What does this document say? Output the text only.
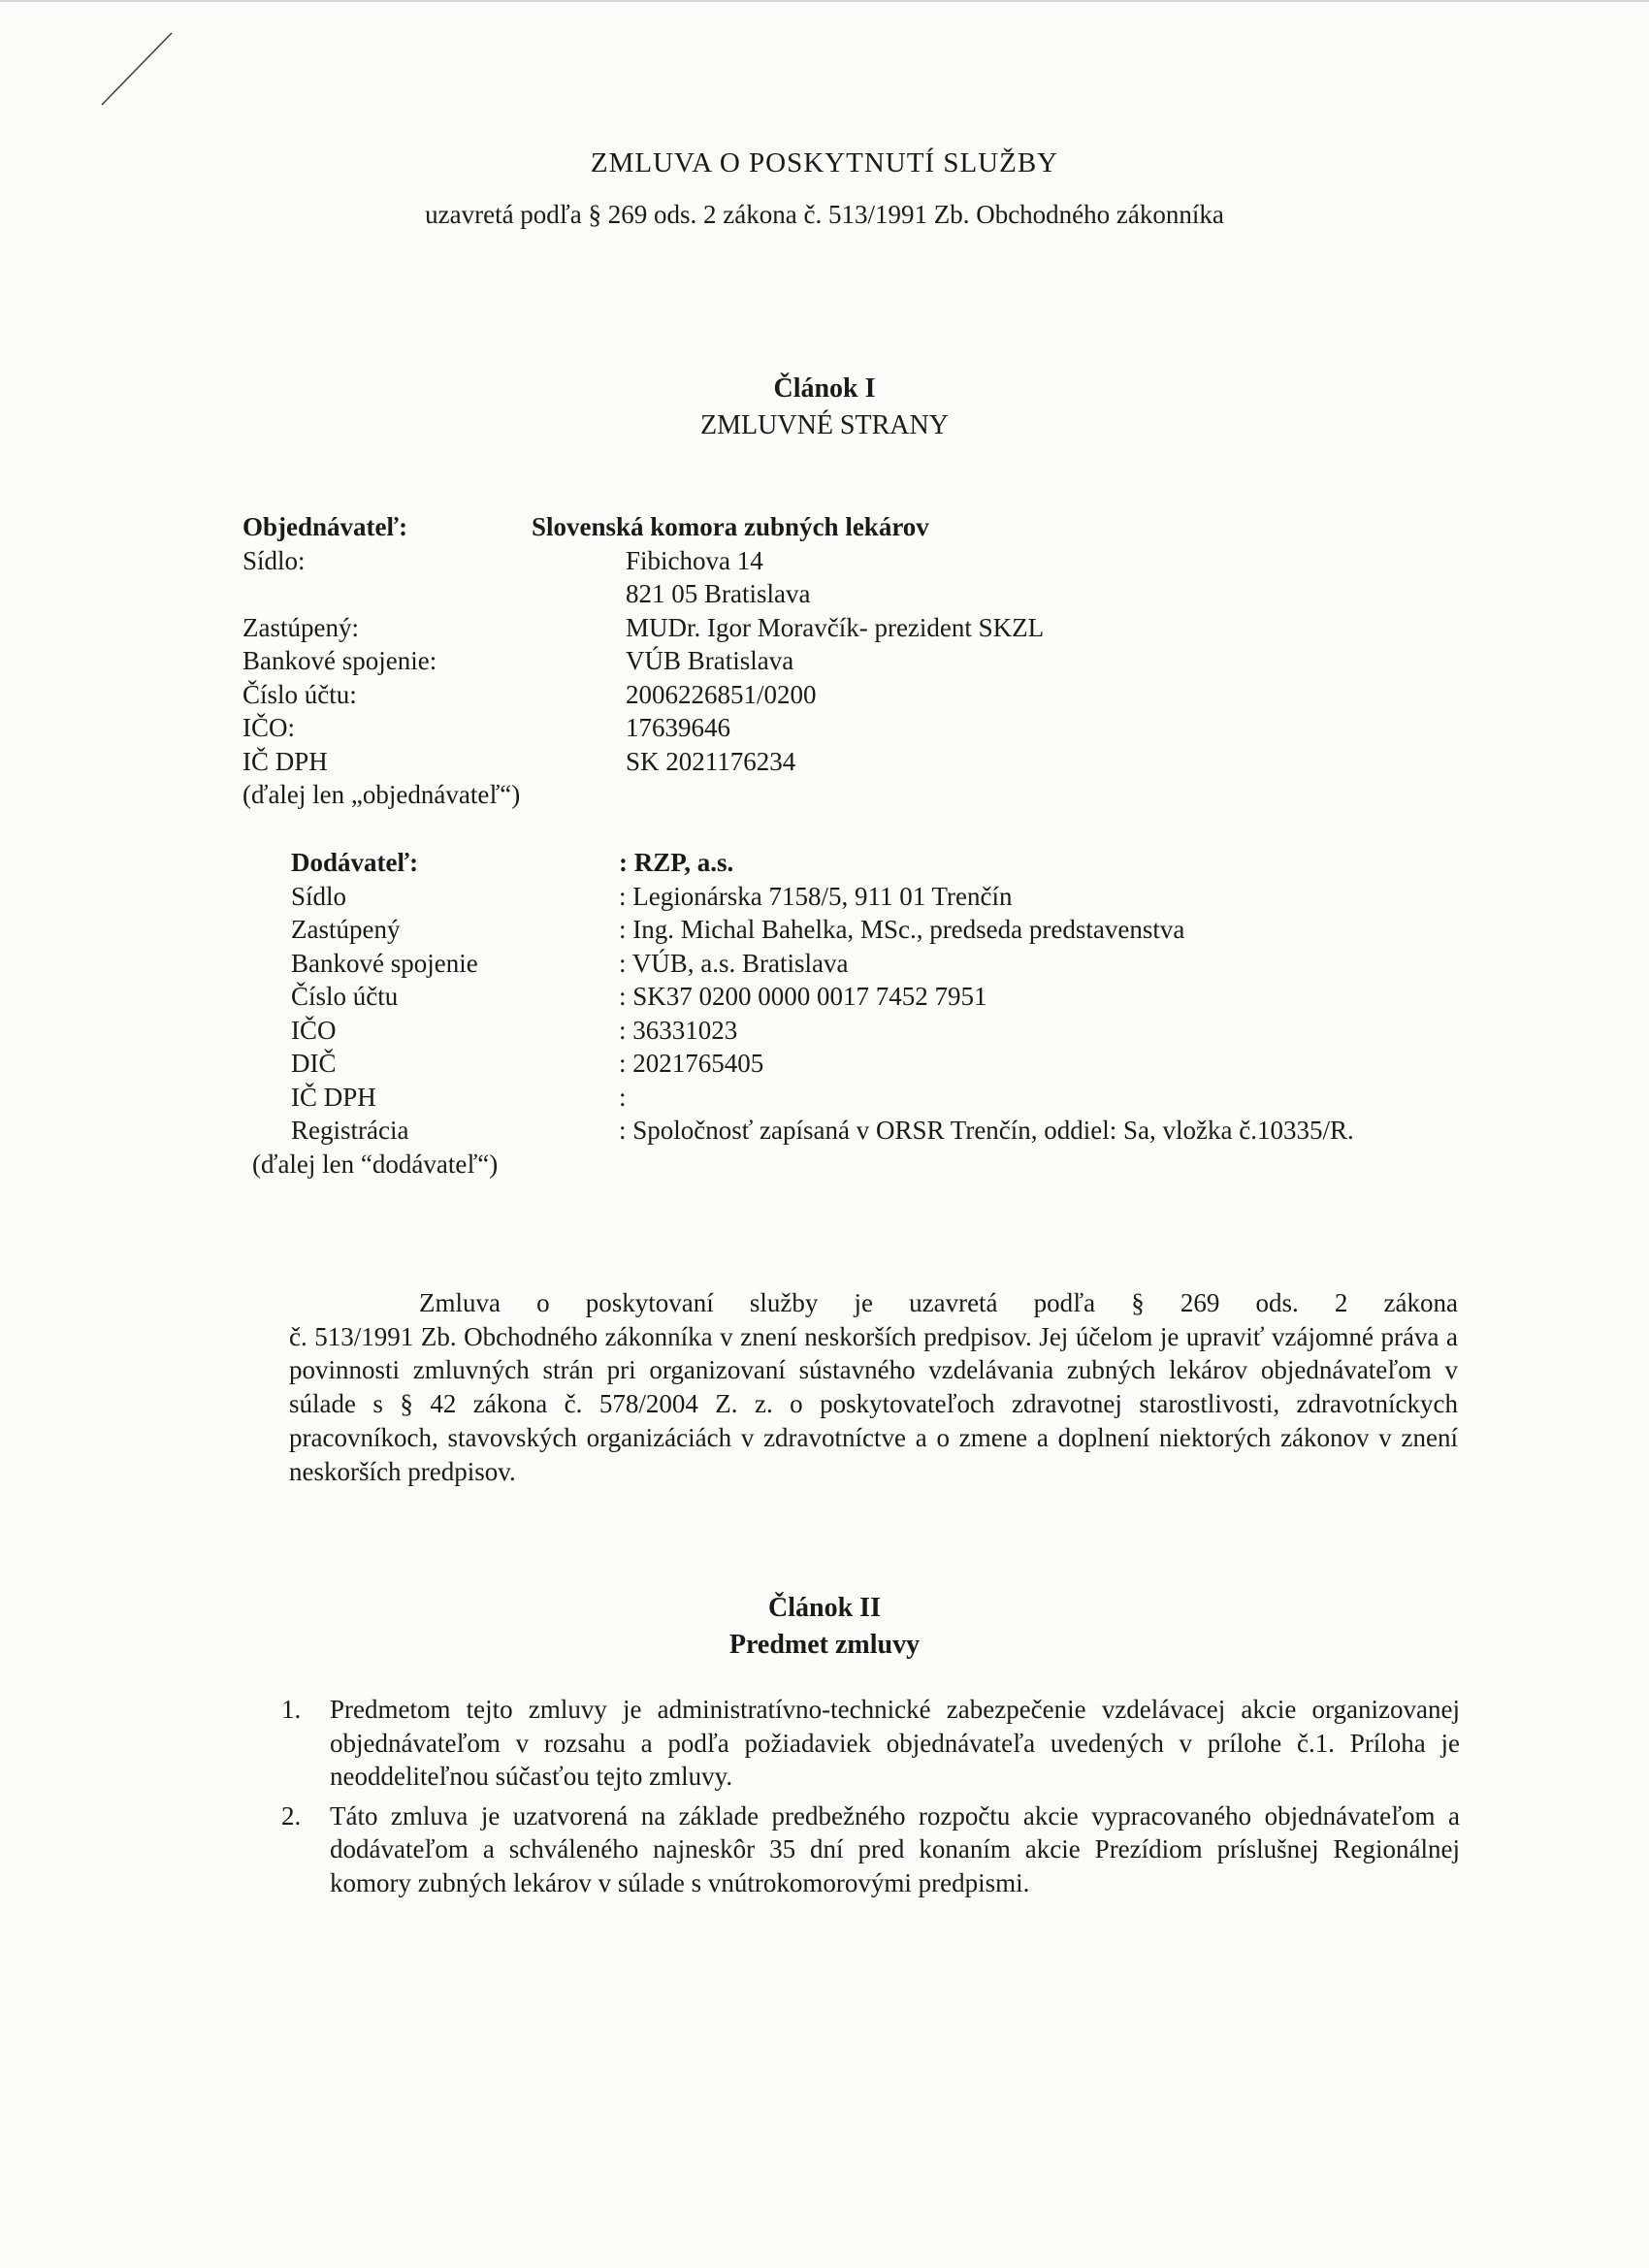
ZMLUVA O POSKYTNUTÍ SLUŽBY
uzavretá podľa § 269 ods. 2 zákona č. 513/1991 Zb. Obchodného zákonníka
Článok I
ZMLUVNÉ STRANY
Objednávateľ:	Slovenská komora zubných lekárov
Sídlo:	Fibichova 14
821 05 Bratislava
Zastúpený:	MUDr. Igor Moravčík- prezident SKZL
Bankové spojenie:	VÚB Bratislava
Číslo účtu:	2006226851/0200
IČO:	17639646
IČ DPH	SK 2021176234
(ďalej len „objednávateľ“)
Dodávateľ:	: RZP, a.s.
Sídlo	: Legionárska 7158/5, 911 01 Trenčín
Zastúpený	: Ing. Michal Bahelka, MSc., predseda predstavenstva
Bankové spojenie	: VÚB, a.s. Bratislava
Číslo účtu	: SK37 0200 0000 0017 7452 7951
IČO	: 36331023
DIČ	: 2021765405
IČ DPH	:
Registrácia	: Spoločnosť zapísaná v ORSR Trenčín, oddiel: Sa, vložka č.10335/R.
(ďalej len “dodávateľ“)
Zmluva o poskytovaní služby je uzavretá podľa § 269 ods. 2 zákona
č. 513/1991 Zb. Obchodného zákonníka v znení neskorších predpisov. Jej účelom je upraviť vzájomné práva a povinnosti zmluvných strán pri organizovaní sústavného vzdelávania zubných lekárov objednávateľom v súlade s § 42 zákona č. 578/2004 Z. z. o poskytovateľoch zdravotnej starostlivosti, zdravotníckych pracovníkoch, stavovských organizáciách v zdravotníctve a o zmene a doplnení niektorých zákonov v znení neskorších predpisov.
Článok II
Predmet zmluvy
1.	Predmetom tejto zmluvy je administratívno-technické zabezpečenie vzdelávacej akcie organizovanej objednávateľom v rozsahu a podľa požiadaviek objednávateľa uvedených v prílohe č.1. Príloha je neoddeliteľnou súčasťou tejto zmluvy.
2.	Táto zmluva je uzatvorená na základe predbežného rozpočtu akcie vypracovaného objednávateľom a dodávateľom a schváleného najneskôr 35 dní pred konaním akcie Prezídiom príslušnej Regionálnej komory zubných lekárov v súlade s vnútrokomorovými predpismi.
